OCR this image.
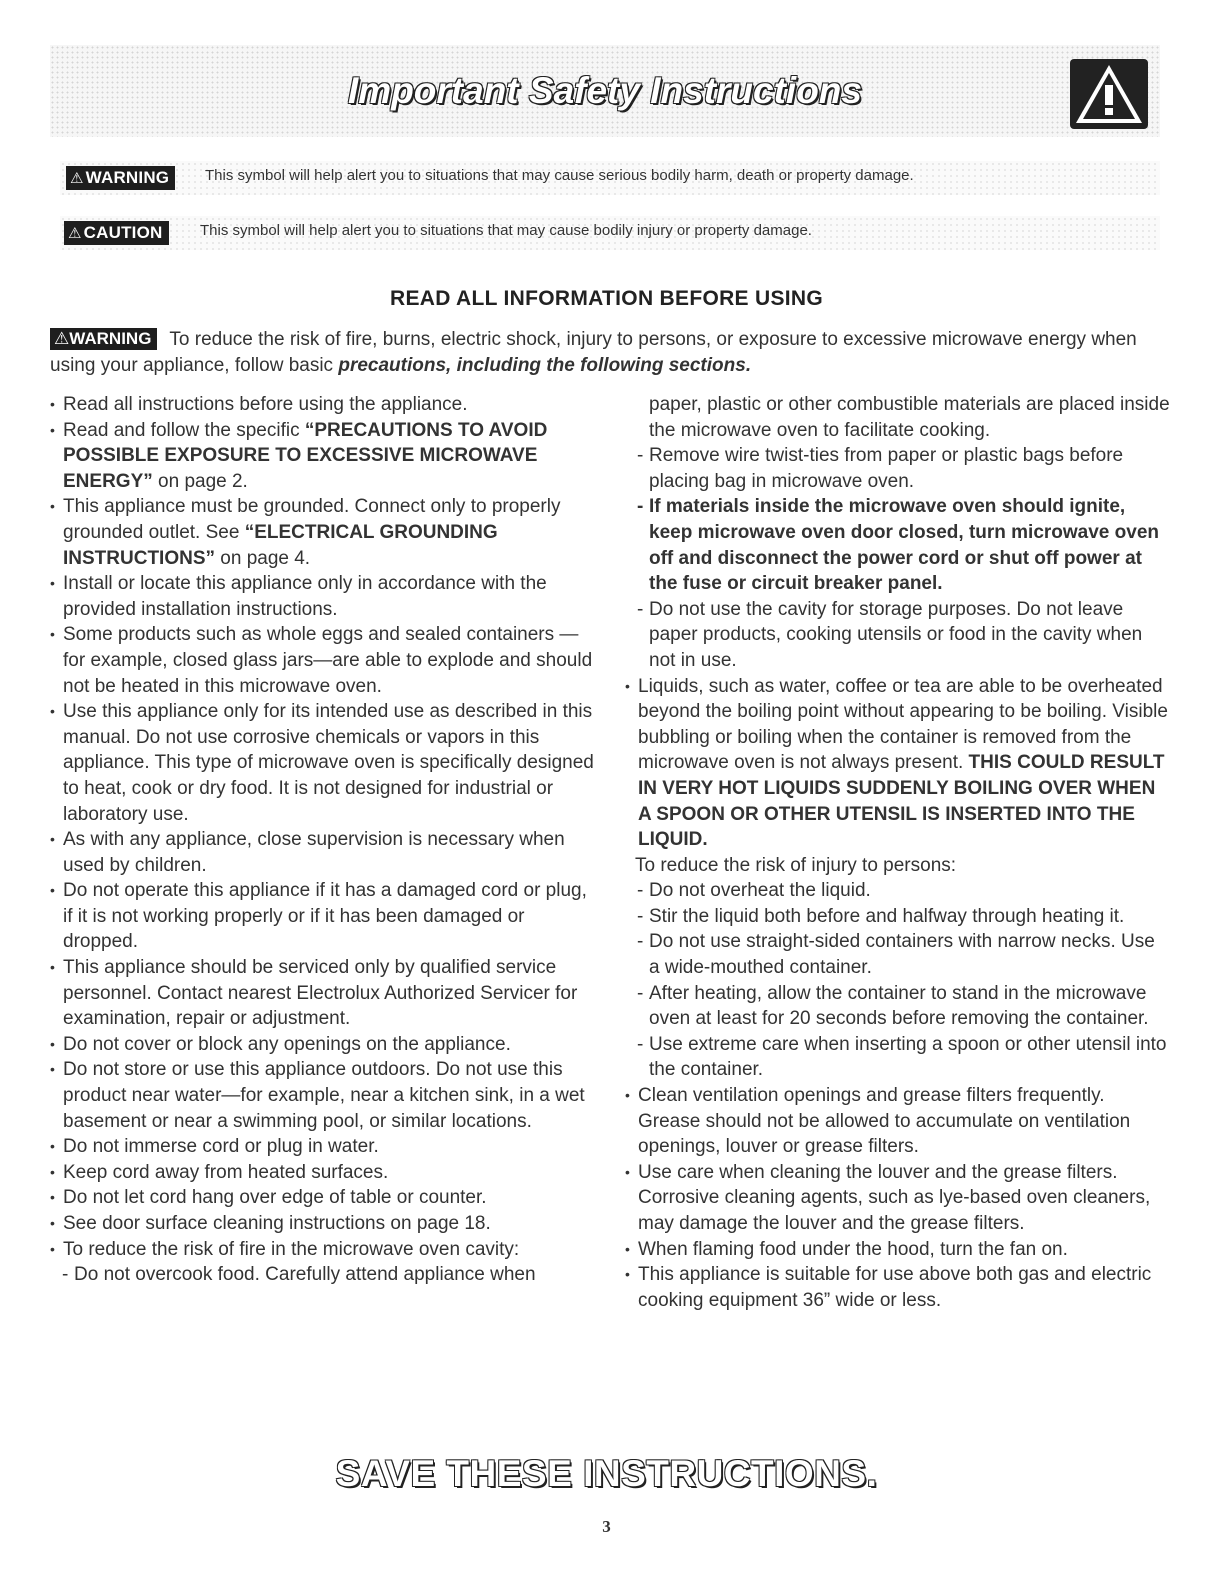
Important Safety Instructions
⚠ WARNING	This symbol will help alert you to situations that may cause serious bodily harm, death or property damage.
⚠ CAUTION	This symbol will help alert you to situations that may cause bodily injury or property damage.
READ ALL INFORMATION BEFORE USING
⚠WARNING To reduce the risk of fire, burns, electric shock, injury to persons, or exposure to excessive microwave energy when using your appliance, follow basic precautions, including the following sections.

• Read all instructions before using the appliance.

• Read and follow the specific “PRECAUTIONS TO AVOID POSSIBLE EXPOSURE TO EXCESSIVE MICROWAVE ENERGY” on page 2.

• This appliance must be grounded. Connect only to properly grounded outlet. See “ELECTRICAL GROUNDING INSTRUCTIONS” on page 4.

• Install or locate this appliance only in accordance with the provided installation instructions.

• Some products such as whole eggs and sealed containers —for example, closed glass jars—are able to explode and should not be heated in this microwave oven.

• Use this appliance only for its intended use as described in this manual. Do not use corrosive chemicals or vapors in this appliance. This type of microwave oven is specifically designed to heat, cook or dry food. It is not designed for industrial or laboratory use.

• As with any appliance, close supervision is necessary when used by children.

• Do not operate this appliance if it has a damaged cord or plug, if it is not working properly or if it has been damaged or dropped.

• This appliance should be serviced only by qualified service personnel. Contact nearest Electrolux Authorized Servicer for examination, repair or adjustment.

• Do not cover or block any openings on the appliance.

• Do not store or use this appliance outdoors. Do not use this product near water—for example, near a kitchen sink, in a wet basement or near a swimming pool, or similar locations.

• Do not immerse cord or plug in water.

• Keep cord away from heated surfaces.

• Do not let cord hang over edge of table or counter.

• See door surface cleaning instructions on page 18.

• To reduce the risk of fire in the microwave oven cavity:

- Do not overcook food. Carefully attend appliance when

paper, plastic or other combustible materials are placed inside the microwave oven to facilitate cooking.

- Remove wire twist-ties from paper or plastic bags before placing bag in microwave oven.

- If materials inside the microwave oven should ignite, keep microwave oven door closed, turn microwave oven off and disconnect the power cord or shut off power at the fuse or circuit breaker panel.

- Do not use the cavity for storage purposes. Do not leave paper products, cooking utensils or food in the cavity when not in use.

• Liquids, such as water, coffee or tea are able to be overheated beyond the boiling point without appearing to be boiling. Visible bubbling or boiling when the container is removed from the microwave oven is not always present. THIS COULD RESULT IN VERY HOT LIQUIDS SUDDENLY BOILING OVER WHEN A SPOON OR OTHER UTENSIL IS INSERTED INTO THE LIQUID.

To reduce the risk of injury to persons:

- Do not overheat the liquid.

- Stir the liquid both before and halfway through heating it.

- Do not use straight-sided containers with narrow necks. Use a wide-mouthed container.

- After heating, allow the container to stand in the microwave oven at least for 20 seconds before removing the container.

- Use extreme care when inserting a spoon or other utensil into the container.

• Clean ventilation openings and grease filters frequently. Grease should not be allowed to accumulate on ventilation openings, louver or grease filters.

• Use care when cleaning the louver and the grease filters. Corrosive cleaning agents, such as lye-based oven cleaners, may damage the louver and the grease filters.

• When flaming food under the hood, turn the fan on.

• This appliance is suitable for use above both gas and electric cooking equipment 36” wide or less.

SAVE THESE INSTRUCTIONS.
3
